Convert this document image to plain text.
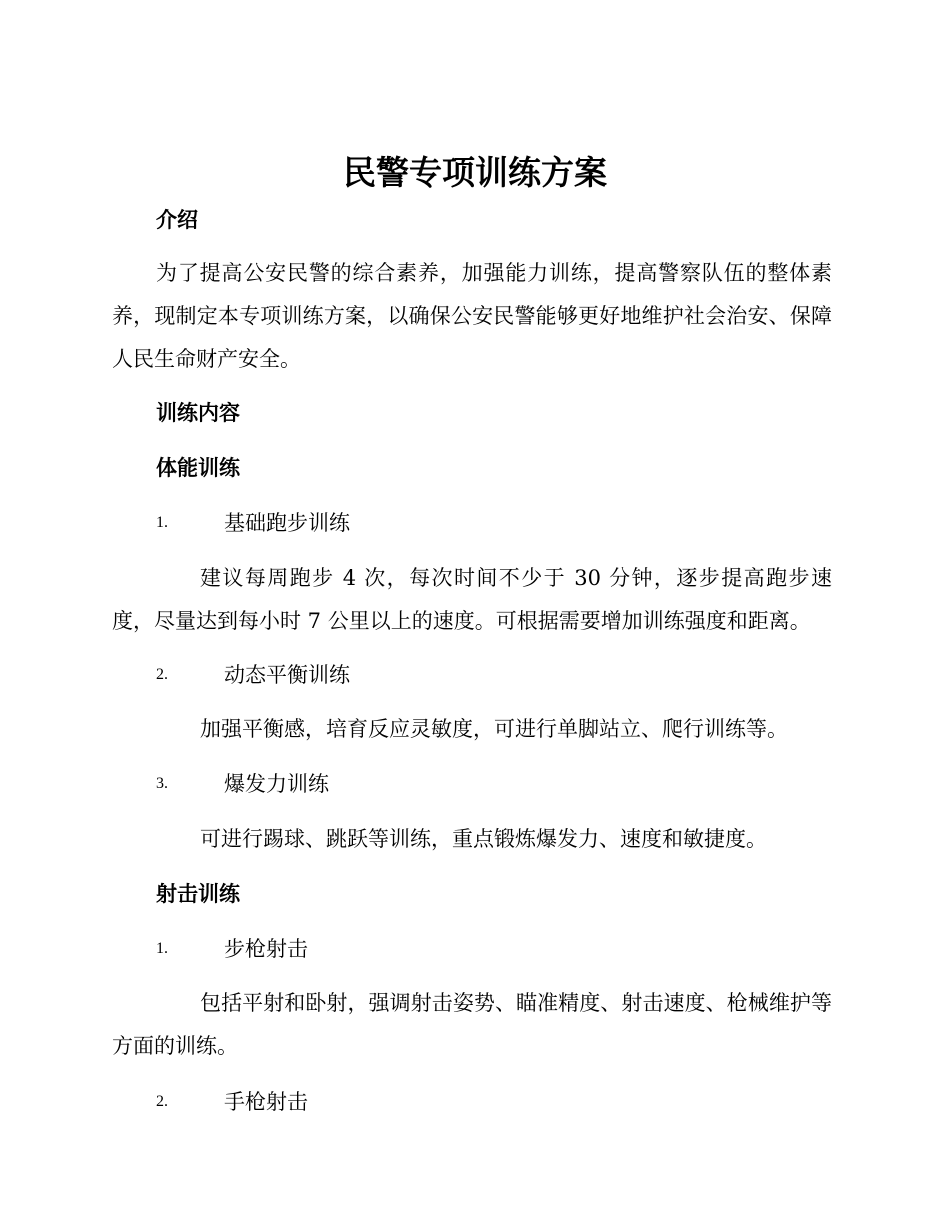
民警专项训练方案
介绍

为了提高公安民警的综合素养，加强能力训练，提高警察队伍的整体素养，现制定本专项训练方案，以确保公安民警能够更好地维护社会治安、保障人民生命财产安全。

训练内容
体能训练
1.	基础跑步训练

建议每周跑步 4 次，每次时间不少于 30 分钟，逐步提高跑步速度，尽量达到每小时 7 公里以上的速度。可根据需要增加训练强度和距离。

2.	动态平衡训练

加强平衡感，培育反应灵敏度，可进行单脚站立、爬行训练等。

3.	爆发力训练

可进行踢球、跳跃等训练，重点锻炼爆发力、速度和敏捷度。

射击训练
1.	步枪射击

包括平射和卧射，强调射击姿势、瞄准精度、射击速度、枪械维护等方面的训练。

2.	手枪射击
